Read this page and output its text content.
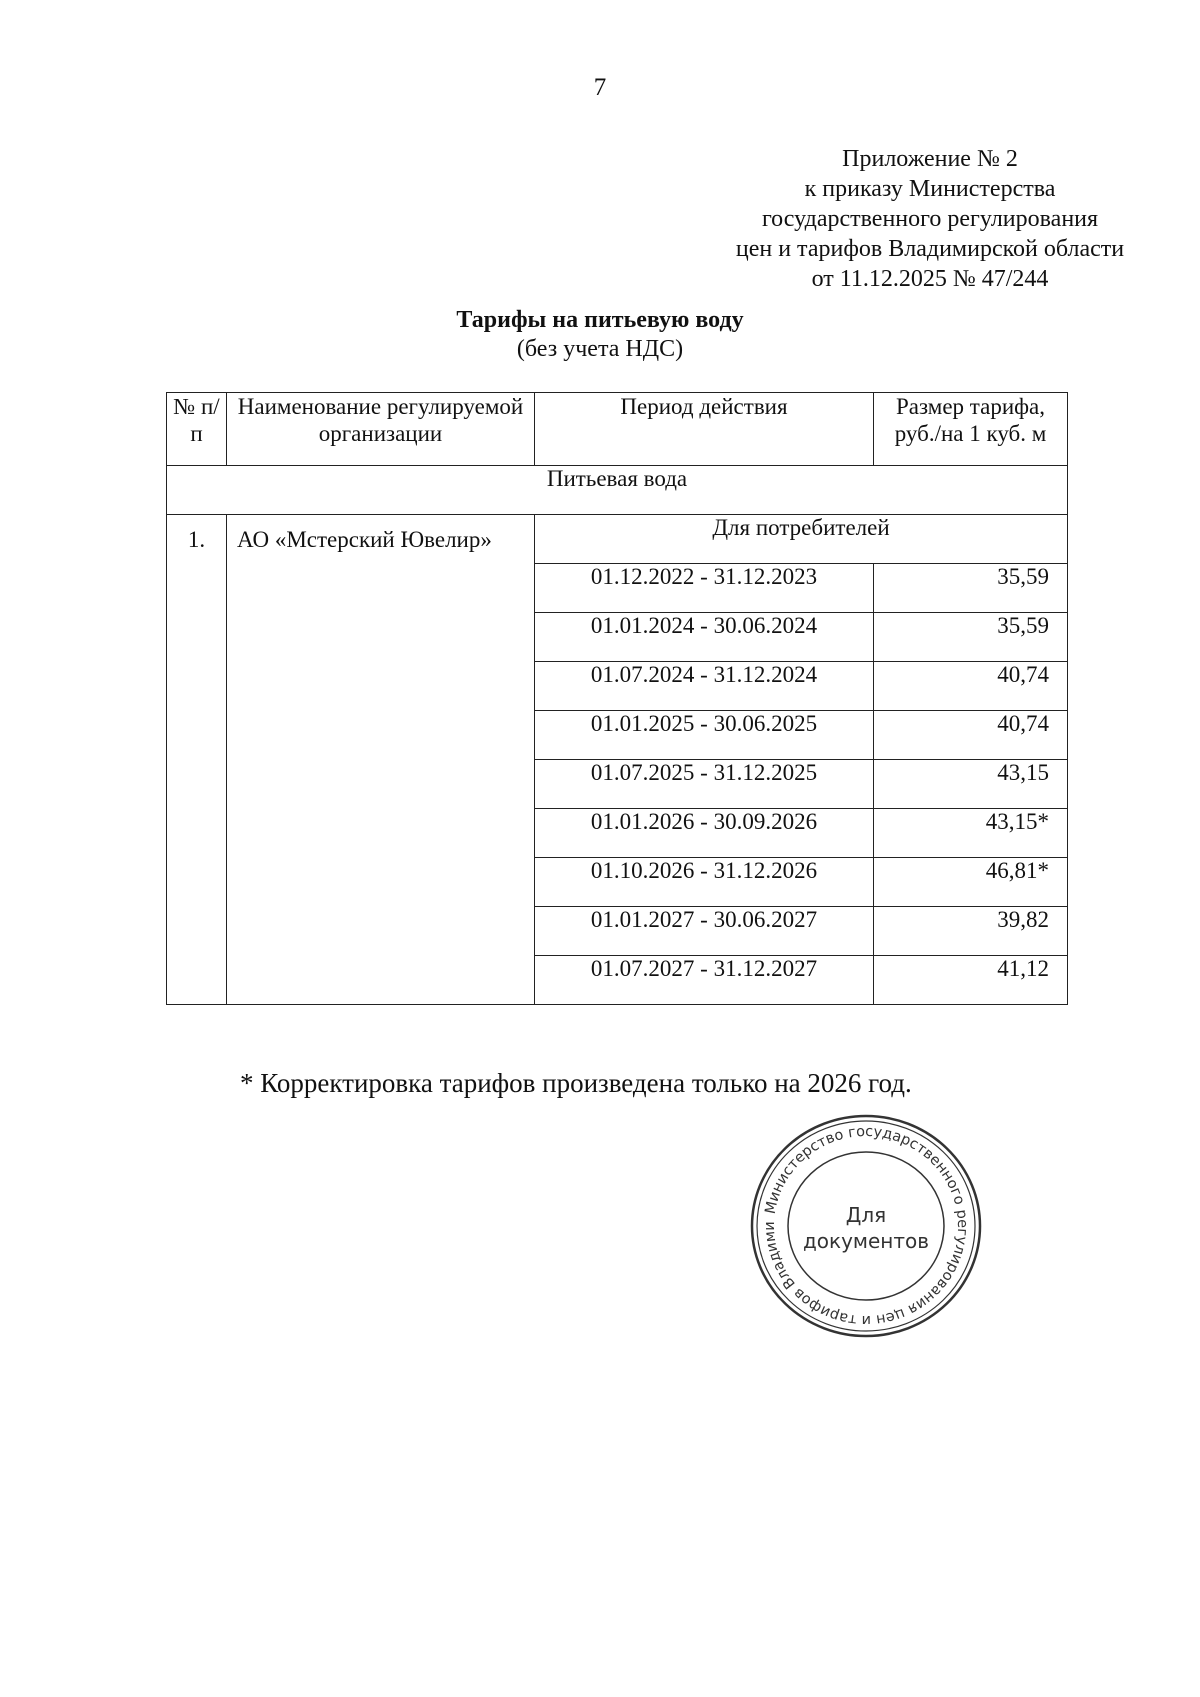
7
Приложение № 2
к приказу Министерства
государственного регулирования
цен и тарифов Владимирской области
от 11.12.2025 № 47/244
Тарифы на питьевую воду
(без учета НДС)
№ п/п	Наименование регулируемой организации	Период действия	Размер тарифа, руб./на 1 куб. м
Питьевая вода			
1.	АО «Мстерский Ювелир»	Для потребителей	
		01.12.2022 - 31.12.2023	35,59
		01.01.2024 - 30.06.2024	35,59
		01.07.2024 - 31.12.2024	40,74
		01.01.2025 - 30.06.2025	40,74
		01.07.2025 - 31.12.2025	43,15
		01.01.2026 - 30.09.2026	43,15*
		01.10.2026 - 31.12.2026	46,81*
		01.01.2027 - 30.06.2027	39,82
		01.07.2027 - 31.12.2027	41,12
* Корректировка тарифов произведена только на 2026 год.
Министерство государственного регулирования цен и тарифов Владими	Для
документов
